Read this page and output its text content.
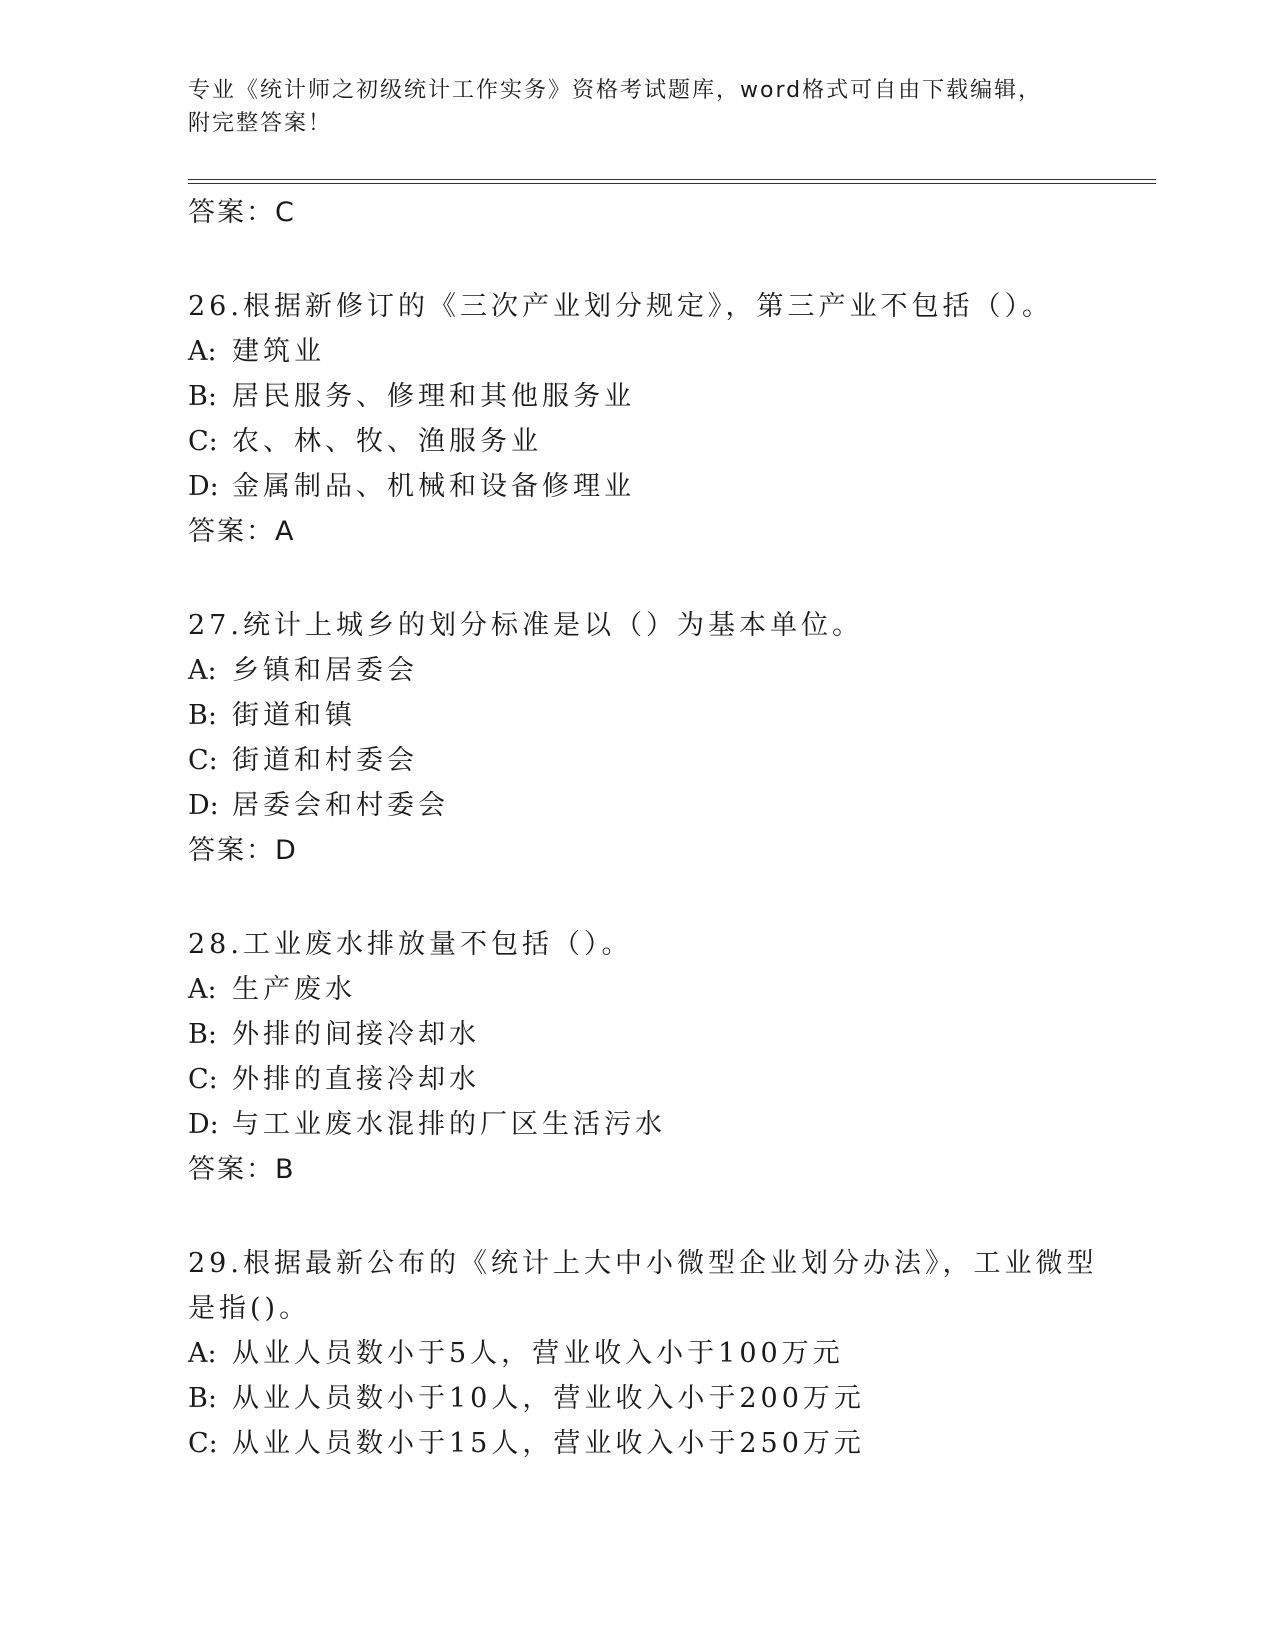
专业《统计师之初级统计工作实务》资格考试题库，word格式可自由下载编辑，
附完整答案！
答案：C
26.根据新修订的《三次产业划分规定》，第三产业不包括（）。
A: 建筑业
B: 居民服务、修理和其他服务业
C: 农、林、牧、渔服务业
D: 金属制品、机械和设备修理业
答案：A
27.统计上城乡的划分标准是以（）为基本单位。
A: 乡镇和居委会
B: 街道和镇
C: 街道和村委会
D: 居委会和村委会
答案：D
28.工业废水排放量不包括（）。
A: 生产废水
B: 外排的间接冷却水
C: 外排的直接冷却水
D: 与工业废水混排的厂区生活污水
答案：B
29.根据最新公布的《统计上大中小微型企业划分办法》，工业微型是指()。
A: 从业人员数小于5人，营业收入小于100万元
B: 从业人员数小于10人，营业收入小于200万元
C: 从业人员数小于15人，营业收入小于250万元
